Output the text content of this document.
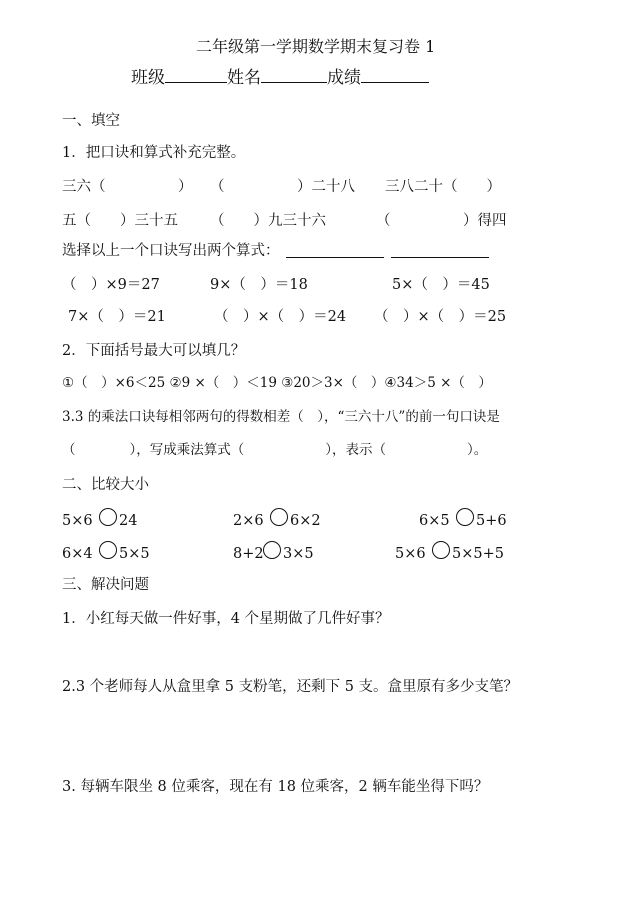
二年级第一学期数学期末复习卷 1
班级	姓名	成绩
一、填空
1．把口诀和算式补充完整。
三六（　　　　　） （　　　　　）二十八 三八二十（　　）
五（　　）三十五 （　　）九三十六	（　　　　　）得四
选择以上一个口诀写出两个算式：
（　）×9＝27	9×（　）＝18	5×（　）＝45
7×（　）＝21	（　）×（　）＝24 （　）×（　）＝25
2．下面括号最大可以填几？
①（　）×6＜25 ②9 ×（　）＜19 ③20＞3×（　）④34＞5 ×（　）
3.3 的乘法口诀每相邻两句的得数相差（　），“三六十八”的前一句口诀是
（　　　　），写成乘法算式（　　　　　　），表示（　　　　　　）。
二、比较大小
5×6 24	2×6 6×2	6×5 5+6
6×4 5×5	8+2 3×5	5×6 5×5+5
三、解决问题
1．小红每天做一件好事，4 个星期做了几件好事？
2.3 个老师每人从盒里拿 5 支粉笔，还剩下 5 支。盒里原有多少支笔？
3. 每辆车限坐 8 位乘客，现在有 18 位乘客，2 辆车能坐得下吗？
